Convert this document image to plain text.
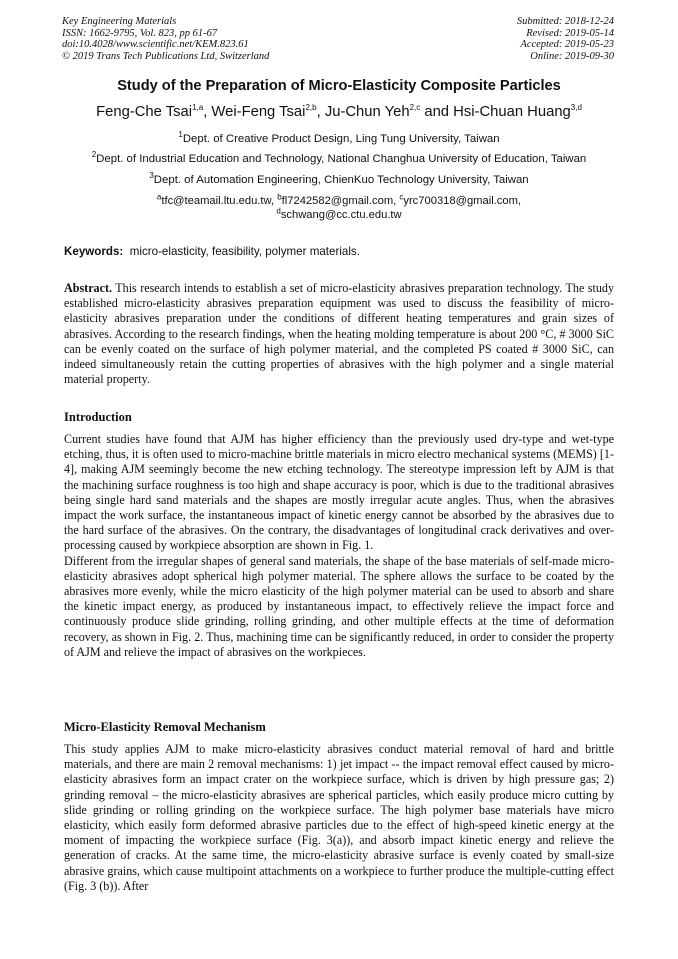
Key Engineering Materials
ISSN: 1662-9795, Vol. 823, pp 61-67
doi:10.4028/www.scientific.net/KEM.823.61
© 2019 Trans Tech Publications Ltd, Switzerland
Submitted: 2018-12-24
Revised: 2019-05-14
Accepted: 2019-05-23
Online: 2019-09-30
Study of the Preparation of Micro-Elasticity Composite Particles
Feng-Che Tsai$^{1,a}$, Wei-Feng Tsai$^{2,b}$, Ju-Chun Yeh$^{2,c}$ and Hsi-Chuan Huang$^{3,d}$
$^1$Dept. of Creative Product Design, Ling Tung University, Taiwan
$^2$Dept. of Industrial Education and Technology, National Changhua University of Education, Taiwan
$^3$Dept. of Automation Engineering, ChienKuo Technology University, Taiwan
$^a$tfc@teamail.ltu.edu.tw, $^b$fl7242582@gmail.com, $^c$yrc700318@gmail.com,
$^d$schwang@cc.ctu.edu.tw
Keywords: micro-elasticity, feasibility, polymer materials.

Abstract. This research intends to establish a set of micro-elasticity abrasives preparation technology. The study established micro-elasticity abrasives preparation equipment was used to discuss the feasibility of micro-elasticity abrasives preparation under the conditions of different heating temperatures and grain sizes of abrasives. According to the research findings, when the heating molding temperature is about 200 °C, # 3000 SiC can be evenly coated on the surface of high polymer material, and the completed PS coated # 3000 SiC, can indeed simultaneously retain the cutting properties of abrasives with the high polymer and a single material material property.

Introduction

Current studies have found that AJM has higher efficiency than the previously used dry-type and wet-type etching, thus, it is often used to micro-machine brittle materials in micro electro mechanical systems (MEMS) [1-4], making AJM seemingly become the new etching technology. The stereotype impression left by AJM is that the machining surface roughness is too high and shape accuracy is poor, which is due to the traditional abrasives being single hard sand materials and the shapes are mostly irregular acute angles. Thus, when the abrasives impact the work surface, the instantaneous impact of kinetic energy cannot be absorbed by the abrasives due to the hard surface of the abrasives. On the contrary, the disadvantages of longitudinal crack derivatives and over-processing caused by workpiece absorption are shown in Fig. 1.

Different from the irregular shapes of general sand materials, the shape of the base materials of self-made micro-elasticity abrasives adopt spherical high polymer material. The sphere allows the surface to be coated by the abrasives more evenly, while the micro elasticity of the high polymer material can be used to absorb and share the kinetic impact energy, as produced by instantaneous impact, to effectively relieve the impact force and continuously produce slide grinding, rolling grinding, and other multiple effects at the time of deformation recovery, as shown in Fig. 2. Thus, machining time can be significantly reduced, in order to consider the property of AJM and relieve the impact of abrasives on the workpieces.

Micro-Elasticity Removal Mechanism

This study applies AJM to make micro-elasticity abrasives conduct material removal of hard and brittle materials, and there are main 2 removal mechanisms: 1) jet impact -- the impact removal effect caused by micro-elasticity abrasives form an impact crater on the workpiece surface, which is driven by high pressure gas; 2) grinding removal – the micro-elasticity abrasives are spherical particles, which easily produce micro cutting by slide grinding or rolling grinding on the workpiece surface. The high polymer base materials have micro elasticity, which easily form deformed abrasive particles due to the effect of high-speed kinetic energy at the moment of impacting the workpiece surface (Fig. 3(a)), and absorb impact kinetic energy and relieve the generation of cracks. At the same time, the micro-elasticity abrasive surface is evenly coated by small-size abrasive grains, which cause multipoint attachments on a workpiece to further produce the multiple-cutting effect (Fig. 3 (b)). After
